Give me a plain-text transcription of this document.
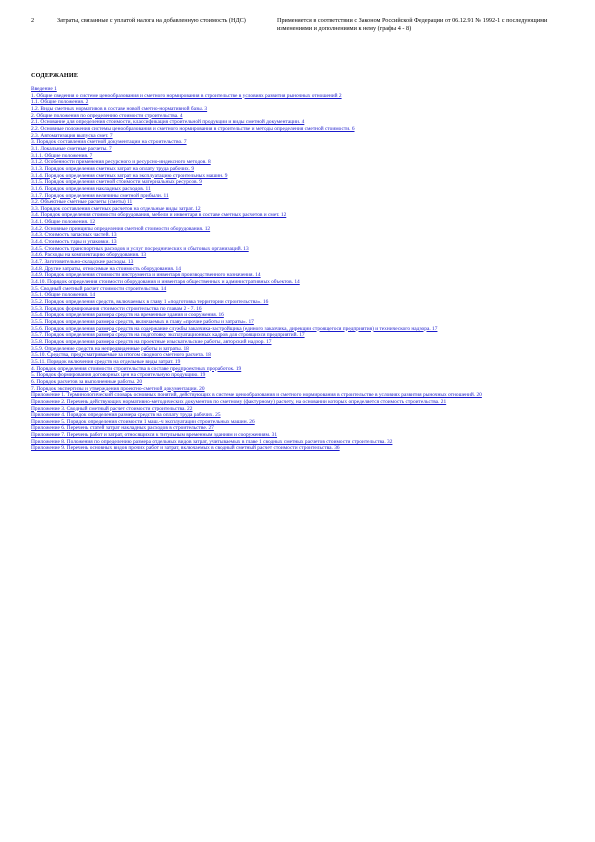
2	Затраты, связанные с уплатой налога на добавленную стоимость (НДС)	Применяется в соответствии с Законом Российской Федерации от 06.12.91 № 1992-1 с последующими изменениями и дополнениями к нему (графы 4 - 8)
СОДЕРЖАНИЕ
Введение 1
1. Общие сведения о системе ценообразования и сметного нормирования в строительстве в условиях развития рыночных отношений 2
1.1. Общие положения. 2
1.2. Виды сметных нормативов в составе новой сметно-нормативной базы. 3
2. Общие положения по определению стоимости строительства. 4
2.1. Основание для определения стоимости, классификация строительной продукции и виды сметной документации. 4
2.2. Основные положения системы ценообразования и сметного нормирования в строительстве и методы определения сметной стоимости. 6
2.3. Автоматизация выпуска смет. 7
3. Порядок составления сметной документации на строительство. 7
3.1. Локальные сметные расчеты. 7
3.1.1. Общие положения. 7
3.1.2. Особенности применения ресурсного и ресурсно-индексного методов. 8
3.1.3. Порядок определения сметных затрат на оплату труда рабочих. 9
3.1.4. Порядок определения сметных затрат на эксплуатацию строительных машин. 9
3.1.5. Порядок определения сметной стоимости материальных ресурсов. 9
3.1.6. Порядок определения накладных расходов. 11
3.1.7. Порядок определения величины сметной прибыли. 11
3.2. Объектные сметные расчеты (сметы) 11
3.3. Порядок составления сметных расчетов на отдельные виды затрат. 12
3.4. Порядок определения стоимости оборудования, мебели и инвентаря в составе сметных расчетов и смет. 12
3.4.1. Общие положения. 12
3.4.2. Основные принципы определения сметной стоимости оборудования. 12
3.4.3. Стоимость запасных частей. 13
3.4.4. Стоимость тары и упаковки. 13
3.4.5. Стоимость транспортных расходов и услуг посреднических и сбытовых организаций. 13
3.4.6. Расходы на комплектацию оборудования. 13
3.4.7. Заготовительно-складские расходы. 13
3.4.8. Другие затраты, относимые на стоимость оборудования. 14
3.4.9. Порядок определения стоимости инструмента и инвентаря производственного назначения. 14
3.4.10. Порядок определения стоимости оборудования и инвентаря общественных и административных объектов. 14
3.5. Сводный сметный расчет стоимости строительства. 14
3.5.1. Общие положения. 14
3.5.2. Порядок определения средств, включаемых в главу 1 «подготовка территории строительства». 16
3.5.3. Порядок формирования стоимости строительства по главам 2 - 7. 16
3.5.4. Порядок определения размера средств на временные здания и сооружения. 16
3.5.5. Порядок определения размера средств, включаемых в главу «прочие работы и затраты». 17
3.5.6. Порядок определения размера средств на содержание службы заказчика-застройщика (единого заказчика, дирекции строящегося предприятия) и технического надзора. 17
3.5.7. Порядок определения размера средств на подготовку эксплуатационных кадров для строящихся предприятий. 17
3.5.8. Порядок определения размера средств на проектные изыскательские работы, авторский надзор. 17
3.5.9. Определение средств на непредвиденные работы и затраты. 18
3.5.10. Средства, предусматриваемые за итогом сводного сметного расчета. 18
3.5.11. Порядок включения средств на отдельные виды затрат. 19
4. Порядок определения стоимости строительства в составе предпроектных проработок. 19
5. Порядок формирования договорных цен на строительную продукцию. 19
6. Порядок расчетов за выполненные работы. 20
7. Порядок экспертизы и утверждения проектно-сметной документации. 20
Приложение 1. Терминологический словарь основных понятий, действующих в системе ценообразования и сметного нормирования в строительстве в условиях развития рыночных отношений. 20
Приложение 2. Перечень действующих нормативно-методических документов по сметному (фактурному) расчету, на основании которых определяется стоимость строительства. 21
Приложение 3. Сводный сметный расчет стоимости строительства. 22
Приложение 4. Порядок определения размера средств на оплату труда рабочих. 25
Приложение 5. Порядок определения стоимости 1 маш.-ч эксплуатации строительных машин. 26
Приложение 6. Перечень статей затрат накладных расходов в строительстве. 27
Приложение 7. Перечень работ и затрат, относящихся к титульным временным зданиям и сооружениям. 31
Приложение 8. Положения по определению размера отдельных видов затрат, учитываемых в главе 1 сводных сметных расчетов стоимости строительства. 32
Приложение 9. Перечень основных видов прочих работ и затрат, включаемых в сводный сметный расчет стоимости строительства. 36
